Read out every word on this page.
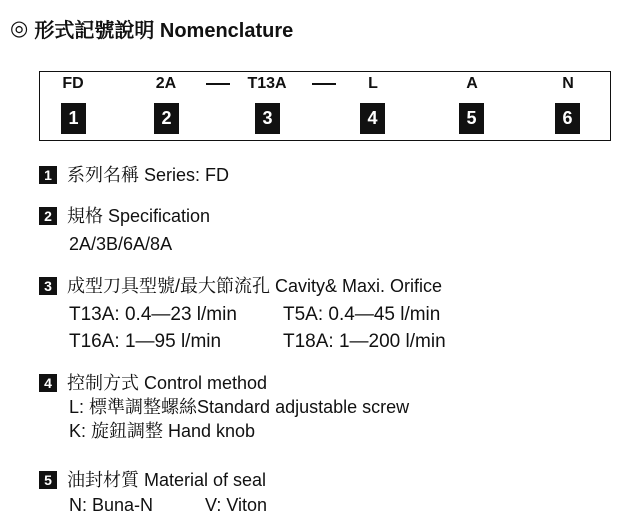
◎ 形式記號說明 Nomenclature
FD	2A	T13A	L	A	N
1	2	3	4	5	6
1 系列名稱 Series: FD
2 規格 Specification
2A/3B/6A/8A
3 成型刀具型號/最大節流孔 Cavity& Maxi. Orifice
T13A: 0.4—23 l/min T5A: 0.4—45 l/min
T16A: 1—95 l/min	T18A: 1—200 l/min
4 控制方式 Control method
L: 標準調整螺絲Standard adjustable screw
K: 旋鈕調整 Hand knob
5 油封材質 Material of seal
N: Buna-N	V: Viton
